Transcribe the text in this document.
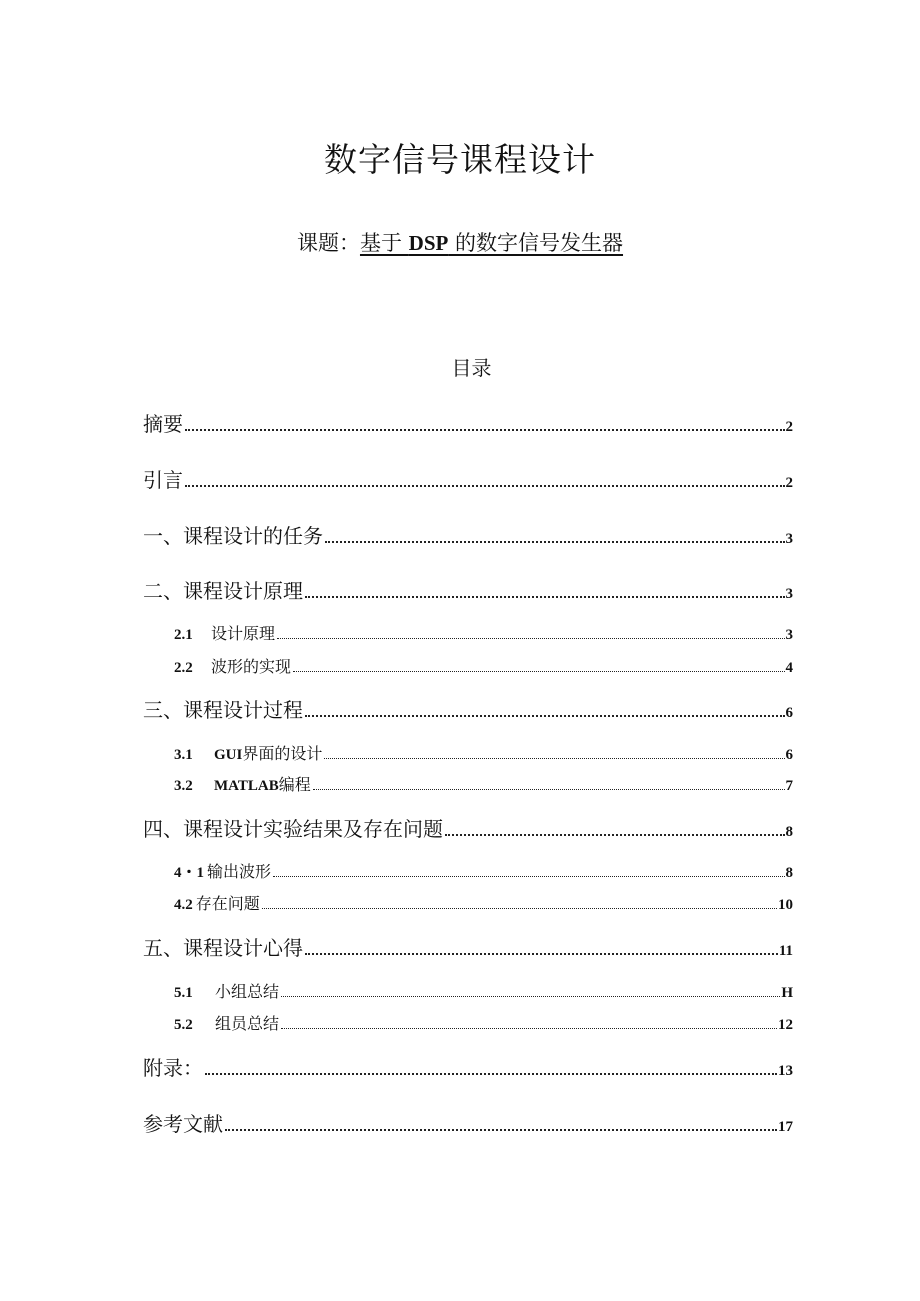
数字信号课程设计
课题：基于 DSP 的数字信号发生器
目录
摘要	2
引言	2
一、课程设计的任务	3
二、课程设计原理	3
2.1	设计原理	3
2.2	波形的实现	4
三、课程设计过程	6
3.1	GUI 界面的设计	6
3.2	MATLAB 编程	7
四、课程设计实验结果及存在问题	8
4・1 输出波形	8
4.2 存在问题	10
五、课程设计心得	11
5.1	小组总结	H
5.2	组员总结	12
附录：	13
参考文献	17
